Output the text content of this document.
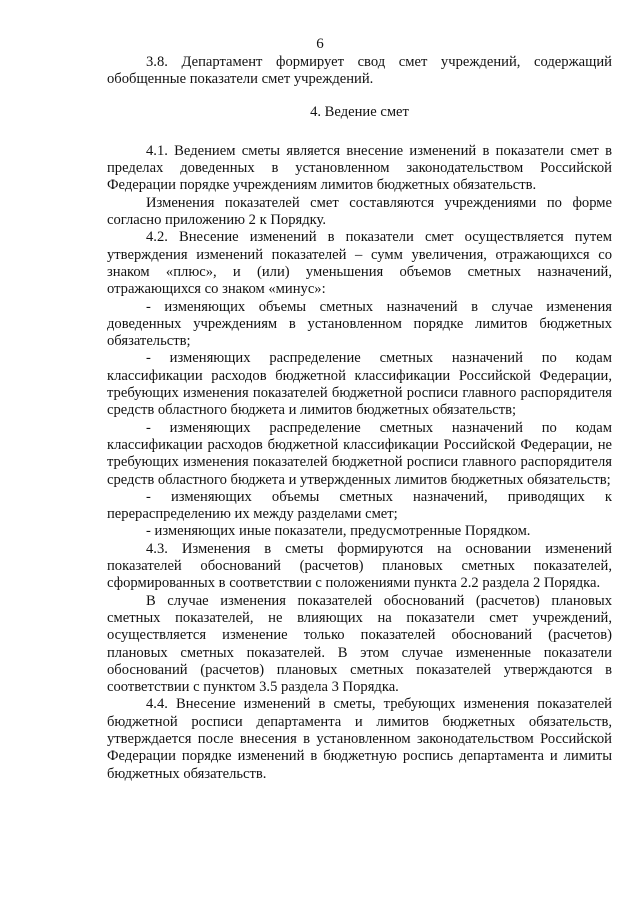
6

3.8. Департамент формирует свод смет учреждений, содержащий обобщенные показатели смет учреждений.

4. Ведение смет

4.1. Ведением сметы является внесение изменений в показатели смет в пределах доведенных в установленном законодательством Российской Федерации порядке учреждениям лимитов бюджетных обязательств.

Изменения показателей смет составляются учреждениями по форме согласно приложению 2 к Порядку.

4.2. Внесение изменений в показатели смет осуществляется путем утверждения изменений показателей – сумм увеличения, отражающихся со знаком «плюс», и (или) уменьшения объемов сметных назначений, отражающихся со знаком «минус»:

- изменяющих объемы сметных назначений в случае изменения доведенных учреждениям в установленном порядке лимитов бюджетных обязательств;

- изменяющих распределение сметных назначений по кодам классификации расходов бюджетной классификации Российской Федерации, требующих изменения показателей бюджетной росписи главного распорядителя средств областного бюджета и лимитов бюджетных обязательств;

- изменяющих распределение сметных назначений по кодам классификации расходов бюджетной классификации Российской Федерации, не требующих изменения показателей бюджетной росписи главного распорядителя средств областного бюджета и утвержденных лимитов бюджетных обязательств;

- изменяющих объемы сметных назначений, приводящих к перераспределению их между разделами смет;

- изменяющих иные показатели, предусмотренные Порядком.

4.3. Изменения в сметы формируются на основании изменений показателей обоснований (расчетов) плановых сметных показателей, сформированных в соответствии с положениями пункта 2.2 раздела 2 Порядка.

В случае изменения показателей обоснований (расчетов) плановых сметных показателей, не влияющих на показатели смет учреждений, осуществляется изменение только показателей обоснований (расчетов) плановых сметных показателей. В этом случае измененные показатели обоснований (расчетов) плановых сметных показателей утверждаются в соответствии с пунктом 3.5 раздела 3 Порядка.

4.4. Внесение изменений в сметы, требующих изменения показателей бюджетной росписи департамента и лимитов бюджетных обязательств, утверждается после внесения в установленном законодательством Российской Федерации порядке изменений в бюджетную роспись департамента и лимиты бюджетных обязательств.
